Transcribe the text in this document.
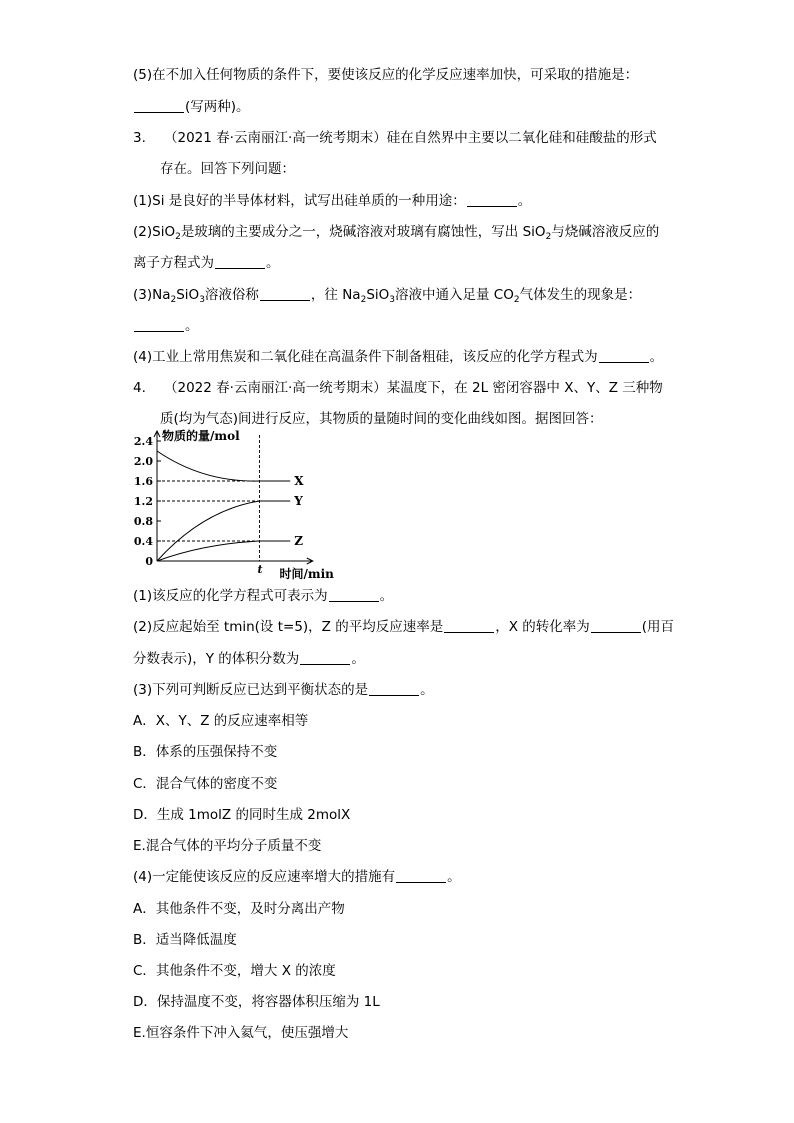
(5)在不加入任何物质的条件下，要使该反应的化学反应速率加快，可采取的措施是：
(写两种)。
3. （2021 春·云南丽江·高一统考期末）硅在自然界中主要以二氧化硅和硅酸盐的形式
存在。回答下列问题：
(1)Si 是良好的半导体材料，试写出硅单质的一种用途：	。
(2)SiO$_2$是玻璃的主要成分之一，烧碱溶液对玻璃有腐蚀性，写出 SiO$_2$与烧碱溶液反应的
离子方程式为	。
$(3)Na_2SiO_3$溶液俗称	，往 $Na_2SiO_3$溶液中通入足量 $CO_2$气体发生的现象是：
。
(4)工业上常用焦炭和二氧化硅在高温条件下制备粗硅，该反应的化学方程式为	。
4. （2022 春·云南丽江·高一统考期末）某温度下，在 2L 密闭容器中 X、Y、Z 三种物
质(均为气态)间进行反应，其物质的量随时间的变化曲线如图。据图回答：
0
0.4
0.8
1.2
1.6
2.0
2.4 物质的量/mol
时间/min
t
X
Y
Z
(1)该反应的化学方程式可表示为	。
(2)反应起始至 tmin(设 t=5)，Z 的平均反应速率是	，X 的转化率为	(用百
分数表示)，Y 的体积分数为	。
(3)下列可判断反应已达到平衡状态的是	。
A．X、Y、Z 的反应速率相等
B．体系的压强保持不变
C．混合气体的密度不变
D．生成 1molZ 的同时生成 2molX
E.混合气体的平均分子质量不变
(4)一定能使该反应的反应速率增大的措施有	。
A．其他条件不变，及时分离出产物
B．适当降低温度
C．其他条件不变，增大 X 的浓度
D．保持温度不变，将容器体积压缩为 1L
E.恒容条件下冲入氦气，使压强增大
